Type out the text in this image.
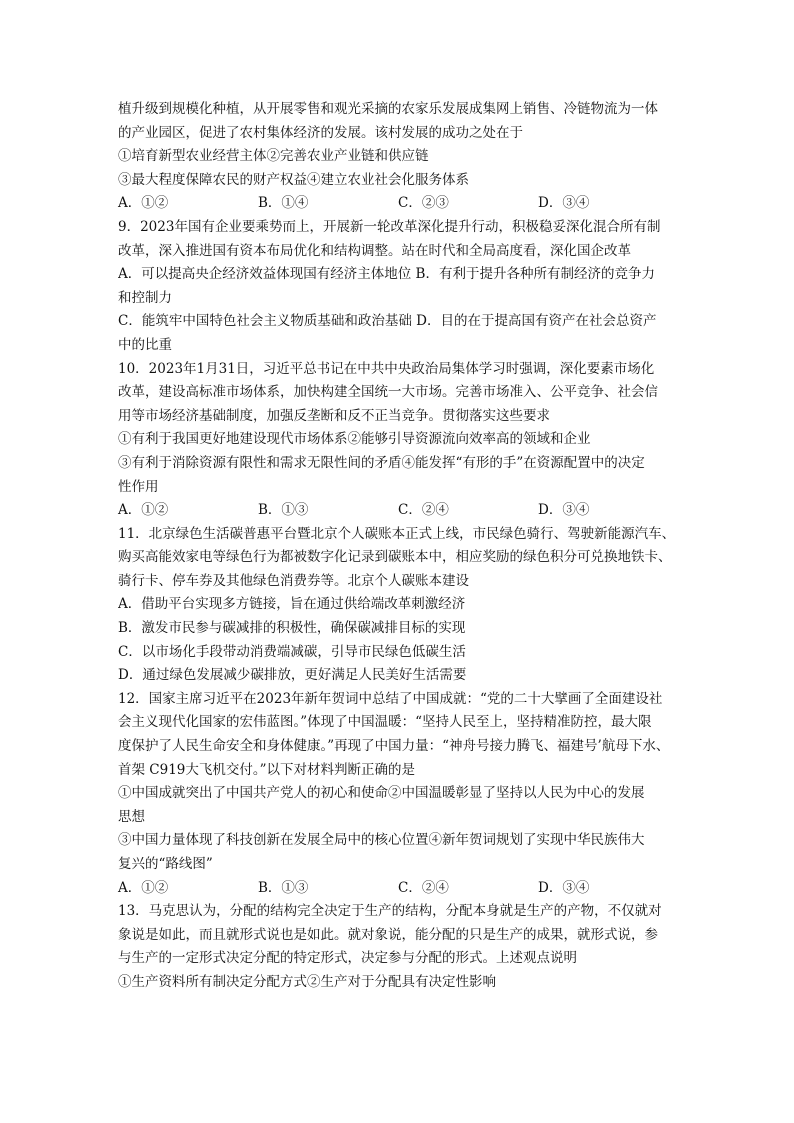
植升级到规模化种植，从开展零售和观光采摘的农家乐发展成集网上销售、冷链物流为一体
的产业园区，促进了农村集体经济的发展。该村发展的成功之处在于
①培育新型农业经营主体②完善农业产业链和供应链
③最大程度保障农民的财产权益④建立农业社会化服务体系
A．①②	B．①④	C．②③	D．③④
9．2023年国有企业要乘势而上，开展新一轮改革深化提升行动，积极稳妥深化混合所有制
改革，深入推进国有资本布局优化和结构调整。站在时代和全局高度看，深化国企改革
A．可以提高央企经济效益体现国有经济主体地位 B．有利于提升各种所有制经济的竞争力
和控制力
C．能筑牢中国特色社会主义物质基础和政治基础 D．目的在于提高国有资产在社会总资产
中的比重
10．2023年1月31日，习近平总书记在中共中央政治局集体学习时强调，深化要素市场化
改革，建设高标准市场体系，加快构建全国统一大市场。完善市场准入、公平竞争、社会信
用等市场经济基础制度，加强反垄断和反不正当竞争。贯彻落实这些要求
①有利于我国更好地建设现代市场体系②能够引导资源流向效率高的领域和企业
③有利于消除资源有限性和需求无限性间的矛盾④能发挥“有形的手”在资源配置中的决定
性作用
A．①②	B．①③	C．②④	D．③④
11．北京绿色生活碳普惠平台暨北京个人碳账本正式上线，市民绿色骑行、驾驶新能源汽车、
购买高能效家电等绿色行为都被数字化记录到碳账本中，相应奖励的绿色积分可兑换地铁卡、
骑行卡、停车券及其他绿色消费券等。北京个人碳账本建设
A．借助平台实现多方链接，旨在通过供给端改革刺激经济
B．激发市民参与碳减排的积极性，确保碳减排目标的实现
C．以市场化手段带动消费端减碳，引导市民绿色低碳生活
D．通过绿色发展减少碳排放，更好满足人民美好生活需要
12．国家主席习近平在2023年新年贺词中总结了中国成就：“党的二十大擘画了全面建设社
会主义现代化国家的宏伟蓝图。”体现了中国温暖：“坚持人民至上，坚持精准防控，最大限
度保护了人民生命安全和身体健康。”再现了中国力量：“神舟号接力腾飞、福建号’航母下水、
首架 C919大飞机交付。”以下对材料判断正确的是
①中国成就突出了中国共产党人的初心和使命②中国温暖彰显了坚持以人民为中心的发展
思想
③中国力量体现了科技创新在发展全局中的核心位置④新年贺词规划了实现中华民族伟大
复兴的“路线图”
A．①②	B．①③	C．②④	D．③④
13．马克思认为，分配的结构完全决定于生产的结构，分配本身就是生产的产物，不仅就对
象说是如此，而且就形式说也是如此。就对象说，能分配的只是生产的成果，就形式说，参
与生产的一定形式决定分配的特定形式，决定参与分配的形式。上述观点说明
①生产资料所有制决定分配方式②生产对于分配具有决定性影响
